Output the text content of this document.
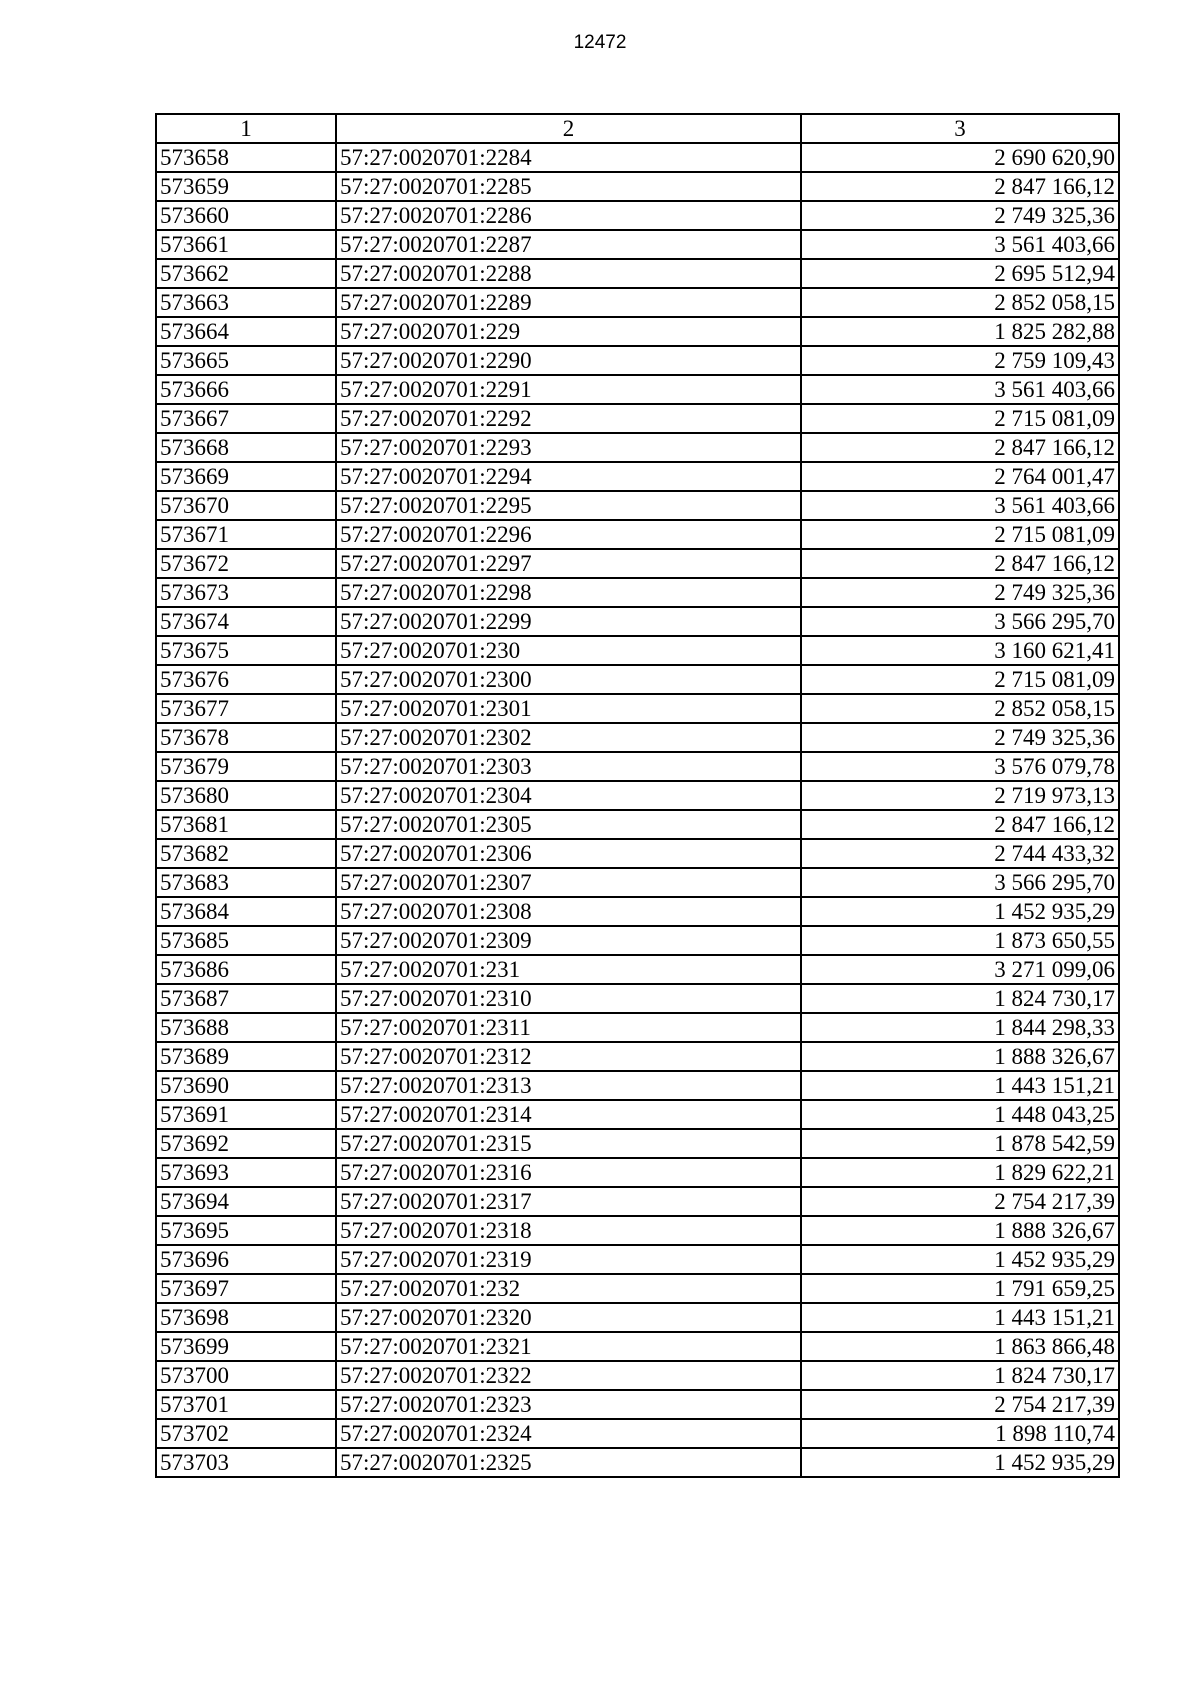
12472
1	2	3
573658	57:27:0020701:2284	2 690 620,90
573659	57:27:0020701:2285	2 847 166,12
573660	57:27:0020701:2286	2 749 325,36
573661	57:27:0020701:2287	3 561 403,66
573662	57:27:0020701:2288	2 695 512,94
573663	57:27:0020701:2289	2 852 058,15
573664	57:27:0020701:229	1 825 282,88
573665	57:27:0020701:2290	2 759 109,43
573666	57:27:0020701:2291	3 561 403,66
573667	57:27:0020701:2292	2 715 081,09
573668	57:27:0020701:2293	2 847 166,12
573669	57:27:0020701:2294	2 764 001,47
573670	57:27:0020701:2295	3 561 403,66
573671	57:27:0020701:2296	2 715 081,09
573672	57:27:0020701:2297	2 847 166,12
573673	57:27:0020701:2298	2 749 325,36
573674	57:27:0020701:2299	3 566 295,70
573675	57:27:0020701:230	3 160 621,41
573676	57:27:0020701:2300	2 715 081,09
573677	57:27:0020701:2301	2 852 058,15
573678	57:27:0020701:2302	2 749 325,36
573679	57:27:0020701:2303	3 576 079,78
573680	57:27:0020701:2304	2 719 973,13
573681	57:27:0020701:2305	2 847 166,12
573682	57:27:0020701:2306	2 744 433,32
573683	57:27:0020701:2307	3 566 295,70
573684	57:27:0020701:2308	1 452 935,29
573685	57:27:0020701:2309	1 873 650,55
573686	57:27:0020701:231	3 271 099,06
573687	57:27:0020701:2310	1 824 730,17
573688	57:27:0020701:2311	1 844 298,33
573689	57:27:0020701:2312	1 888 326,67
573690	57:27:0020701:2313	1 443 151,21
573691	57:27:0020701:2314	1 448 043,25
573692	57:27:0020701:2315	1 878 542,59
573693	57:27:0020701:2316	1 829 622,21
573694	57:27:0020701:2317	2 754 217,39
573695	57:27:0020701:2318	1 888 326,67
573696	57:27:0020701:2319	1 452 935,29
573697	57:27:0020701:232	1 791 659,25
573698	57:27:0020701:2320	1 443 151,21
573699	57:27:0020701:2321	1 863 866,48
573700	57:27:0020701:2322	1 824 730,17
573701	57:27:0020701:2323	2 754 217,39
573702	57:27:0020701:2324	1 898 110,74
573703	57:27:0020701:2325	1 452 935,29
